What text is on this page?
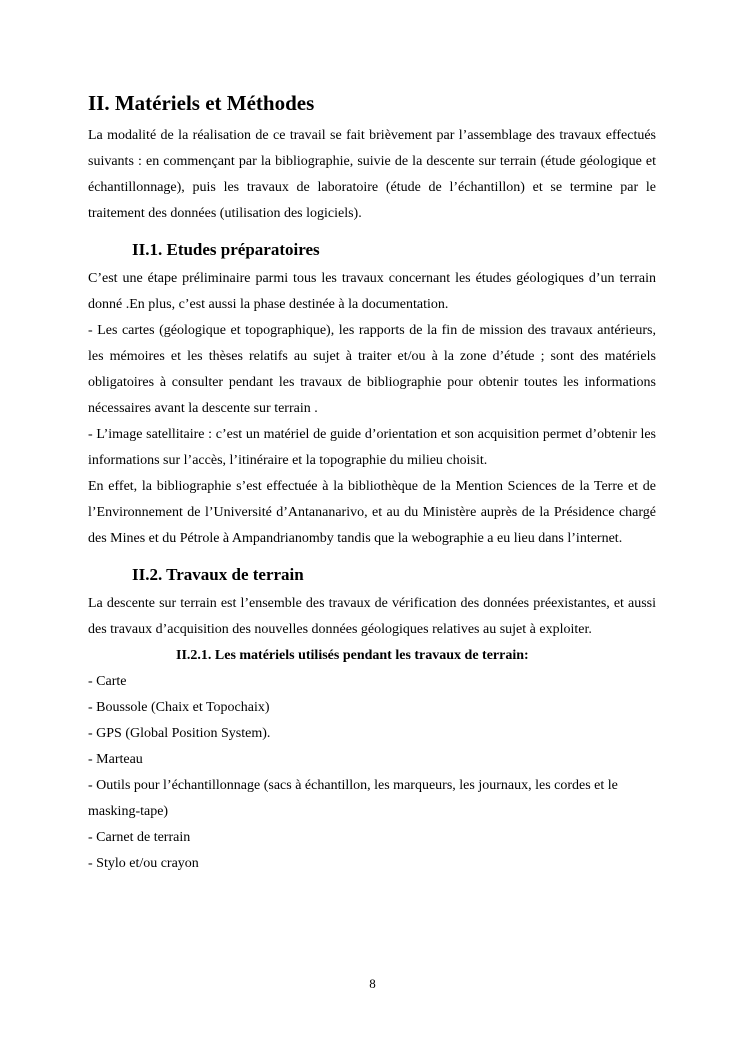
II. Matériels et Méthodes

La modalité de la réalisation de ce travail se fait brièvement par l’assemblage des travaux effectués suivants : en commençant par la bibliographie, suivie de la descente sur terrain (étude géologique et échantillonnage), puis les travaux de laboratoire (étude de l’échantillon) et se termine par le traitement des données (utilisation des logiciels).

II.1. Etudes préparatoires

C’est une étape préliminaire parmi tous les travaux concernant les études géologiques d’un terrain donné .En plus, c’est aussi la phase destinée à la documentation.

- Les cartes (géologique et topographique), les rapports de la fin de mission des travaux antérieurs, les mémoires et les thèses relatifs au sujet à traiter et/ou à la zone d’étude ; sont des matériels obligatoires à consulter pendant les travaux de bibliographie pour obtenir toutes les informations nécessaires avant la descente sur terrain .

- L’image satellitaire : c’est un matériel de guide d’orientation et son acquisition permet d’obtenir les informations sur l’accès, l’itinéraire et la topographie du milieu choisit.

En effet, la bibliographie s’est effectuée à la bibliothèque de la Mention Sciences de la Terre et de l’Environnement de l’Université d’Antananarivo, et au du Ministère auprès de la Présidence chargé des Mines et du Pétrole à Ampandrianomby tandis que la webographie a eu lieu dans l’internet.

II.2. Travaux de terrain

La descente sur terrain est l’ensemble des travaux de vérification des données préexistantes, et aussi des travaux d’acquisition des nouvelles données géologiques relatives au sujet à exploiter.

II.2.1. Les matériels utilisés pendant les travaux de terrain:
- Carte
- Boussole (Chaix et Topochaix)
- GPS (Global Position System).
- Marteau
- Outils pour l’échantillonnage (sacs à échantillon, les marqueurs, les journaux, les cordes et le masking-tape)
- Carnet de terrain
- Stylo et/ou crayon
8
